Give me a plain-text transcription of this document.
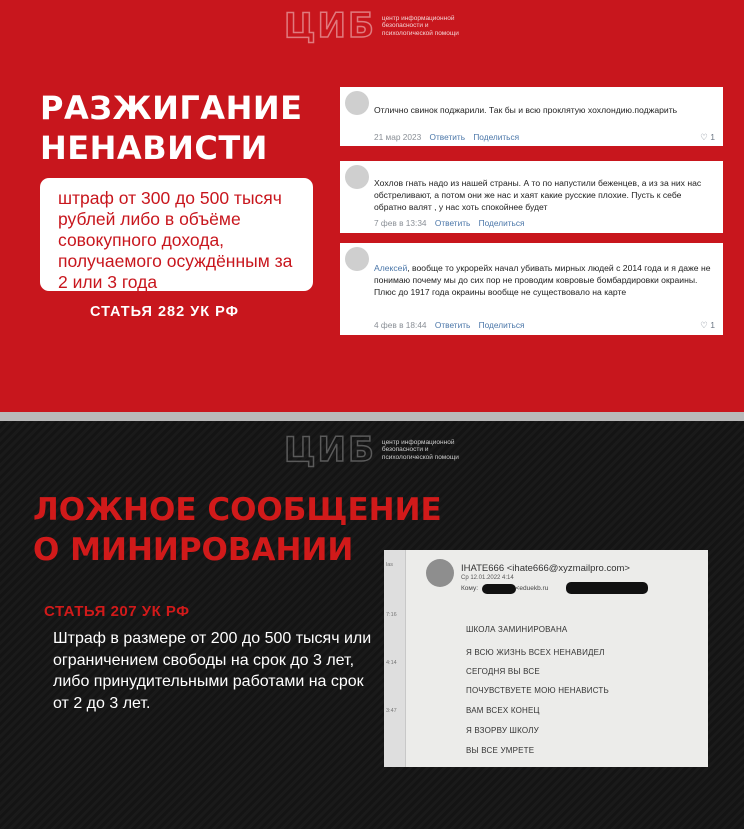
ЦИБ центр информационной безопасности и психологической помощи
РАЗЖИГАНИЕ
НЕНАВИСТИ
штраф от 300 до 500 тысяч рублей либо в объёме совокупного дохода, получаемого осуждённым за 2 или 3 года
СТАТЬЯ 282 УК РФ
Отлично свинок поджарили. Так бы и всю проклятую хохлондию.поджарить
21 мар 2023 Ответить Поделиться	♡ 1
Хохлов гнать надо из нашей страны. А то по напустили беженцев, а из за них нас обстреливают, а потом они же нас и хаят какие русские плохие. Пусть к себе обратно валят , у нас хоть спокойнее будет
7 фев в 13:34 Ответить Поделиться
Алексей, вообще то укрорейх начал убивать мирных людей с 2014 года и я даже не понимаю почему мы до сих пор не проводим ковровые бомбардировки окраины. Плюс до 1917 года окраины вообще не существовало на карте
4 фев в 18:44 Ответить Поделиться	♡ 1
ЦИБ центр информационной безопасности и психологической помощи
ЛОЖНОЕ СООБЩЕНИЕ
О МИНИРОВАНИИ
СТАТЬЯ 207 УК РФ
Штраф в размере от 200 до 500 тысяч или ограничением свободы на срок до 3 лет, либо принудительными работами на срок от 2 до 3 лет.
las
7:16
4:14
3:47
IHATE666 <ihate666@xyzmailpro.com>
Ср 12.01.2022 4:14
Кому:	<eduekb.ru
ШКОЛА ЗАМИНИРОВАНА
Я ВСЮ ЖИЗНЬ ВСЕХ НЕНАВИДЕЛ
СЕГОДНЯ ВЫ ВСЕ
ПОЧУВСТВУЕТЕ МОЮ НЕНАВИСТЬ
ВАМ ВСЕХ КОНЕЦ
Я ВЗОРВУ ШКОЛУ
ВЫ ВСЕ УМРЕТЕ
